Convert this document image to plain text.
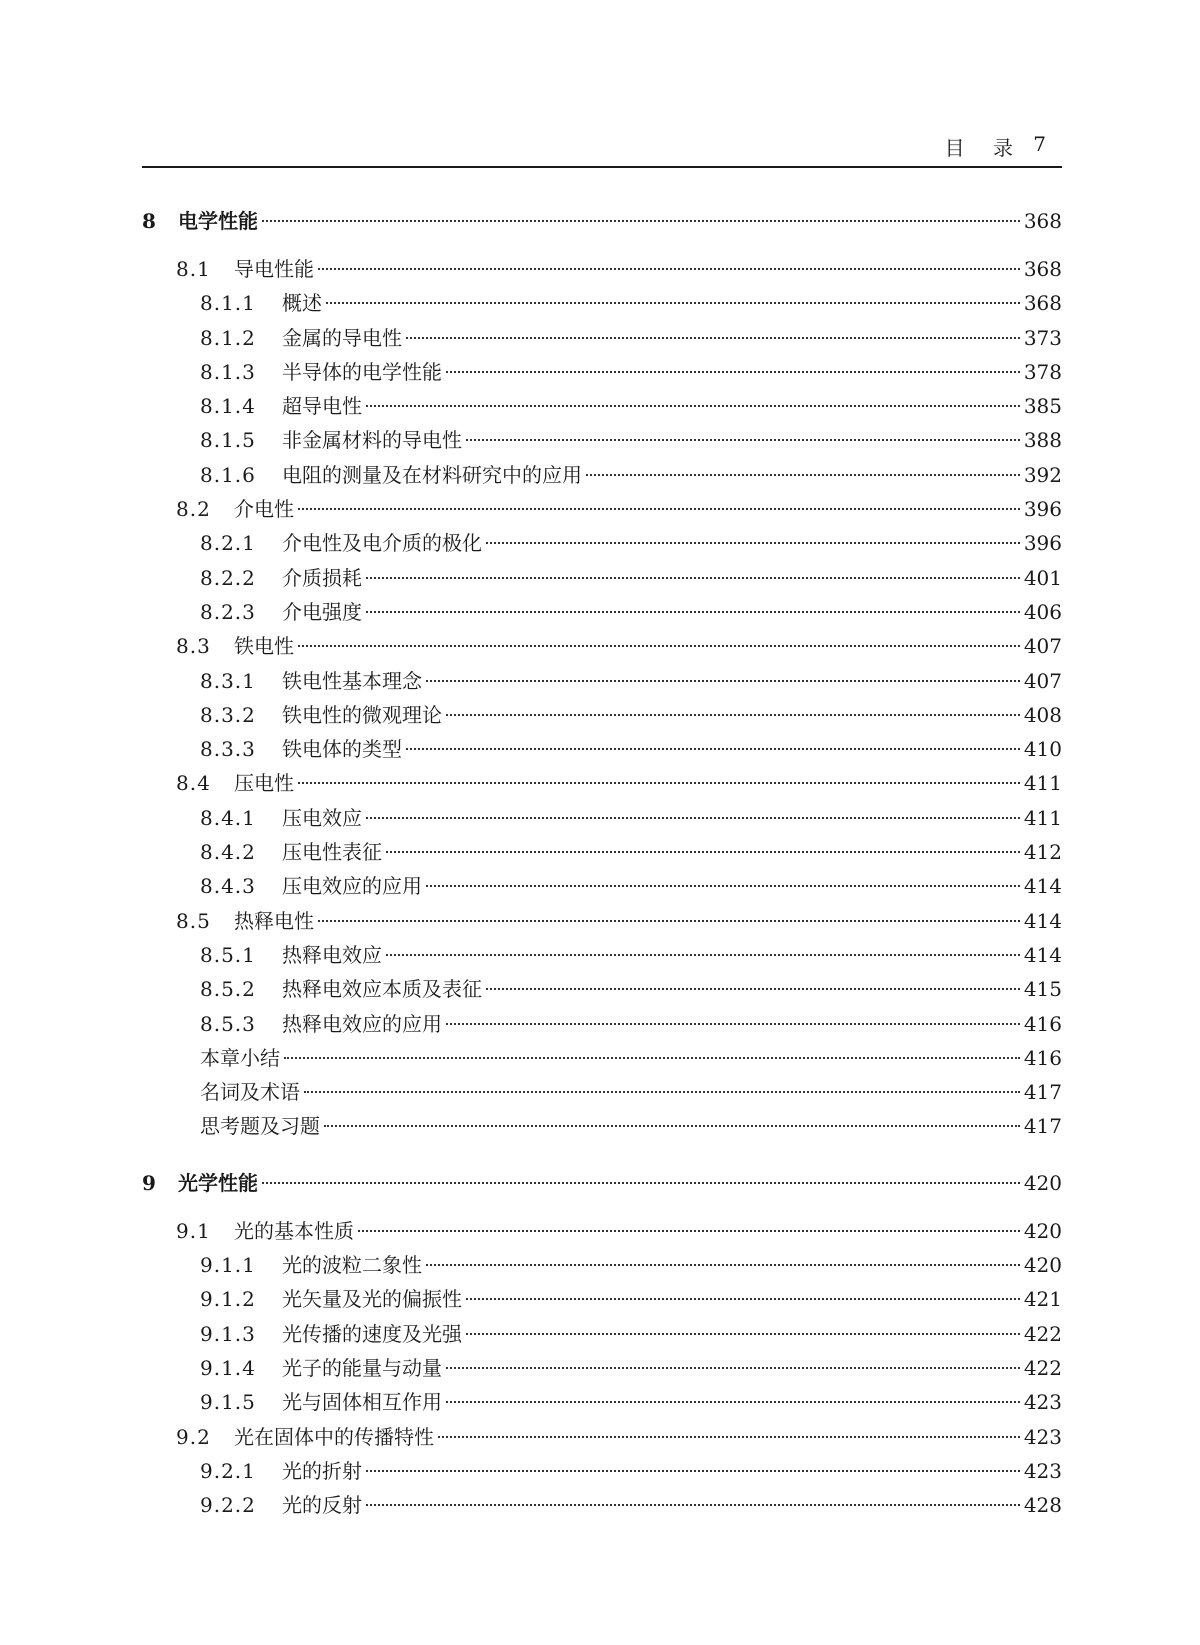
目 录 7
8	电学性能	368
8.1	导电性能	368
8.1.1	概述	368
8.1.2	金属的导电性	373
8.1.3	半导体的电学性能	378
8.1.4	超导电性	385
8.1.5	非金属材料的导电性	388
8.1.6	电阻的测量及在材料研究中的应用	392
8.2	介电性	396
8.2.1	介电性及电介质的极化	396
8.2.2	介质损耗	401
8.2.3	介电强度	406
8.3	铁电性	407
8.3.1	铁电性基本理念	407
8.3.2	铁电性的微观理论	408
8.3.3	铁电体的类型	410
8.4	压电性	411
8.4.1	压电效应	411
8.4.2	压电性表征	412
8.4.3	压电效应的应用	414
8.5	热释电性	414
8.5.1	热释电效应	414
8.5.2	热释电效应本质及表征	415
8.5.3	热释电效应的应用	416
本章小结	416
名词及术语	417
思考题及习题	417
9	光学性能	420
9.1	光的基本性质	420
9.1.1	光的波粒二象性	420
9.1.2	光矢量及光的偏振性	421
9.1.3	光传播的速度及光强	422
9.1.4	光子的能量与动量	422
9.1.5	光与固体相互作用	423
9.2	光在固体中的传播特性	423
9.2.1	光的折射	423
9.2.2	光的反射	428
